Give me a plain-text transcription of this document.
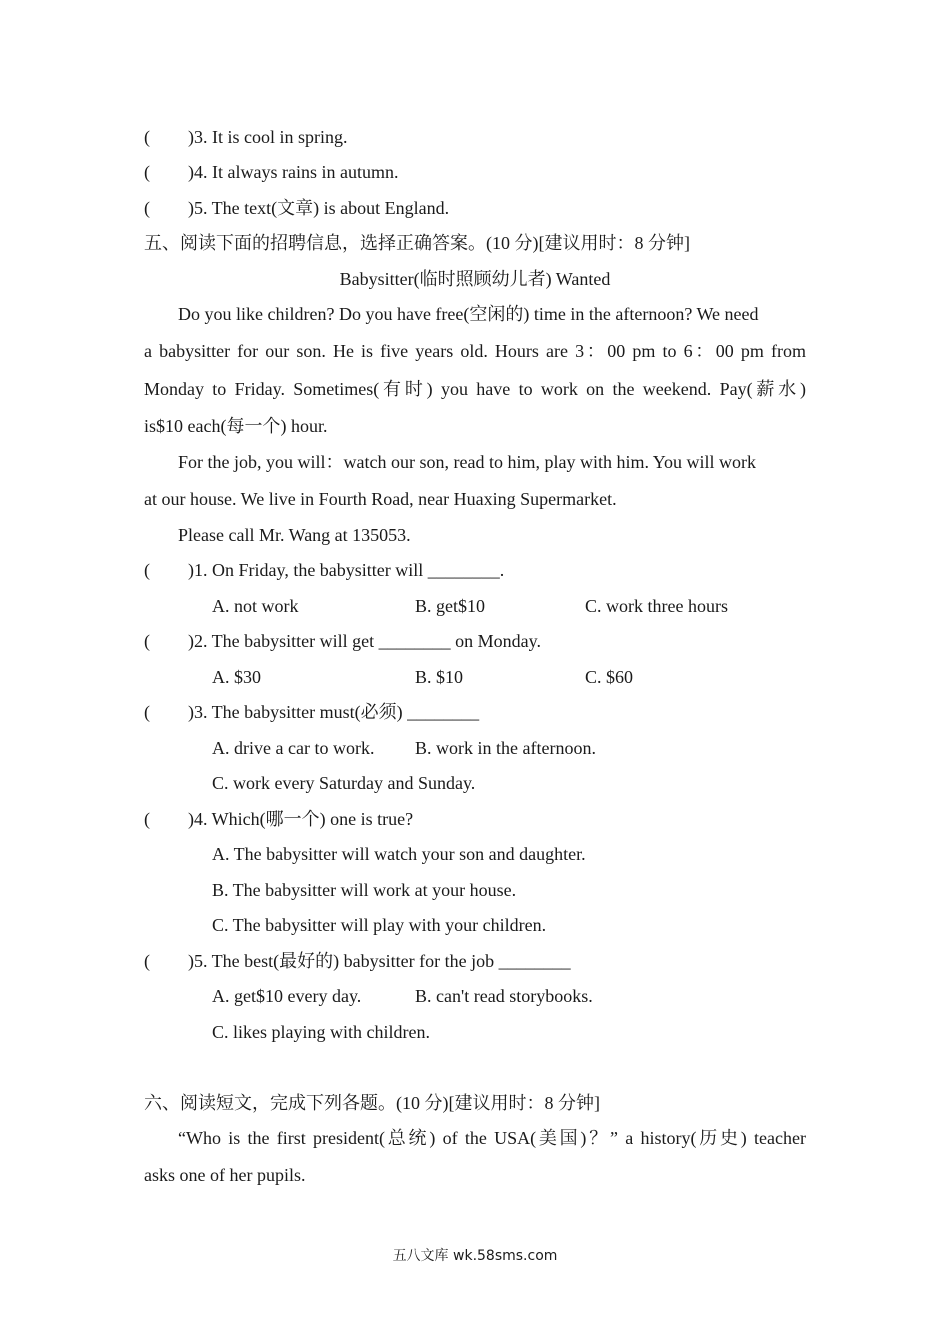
( )3. It is cool in spring.
( )4. It always rains in autumn.
( )5. The text(文章) is about England.
五、阅读下面的招聘信息，选择正确答案。(10 分)[建议用时：8 分钟]
Babysitter(临时照顾幼儿者) Wanted
Do you like children? Do you have free(空闲的) time in the afternoon? We need
a babysitter for our son. He is five years old. Hours are 3：00 pm to 6：00 pm from
Monday to Friday. Sometimes(有时) you have to work on the weekend. Pay(薪水)
is$10 each(每一个) hour.
For the job, you will：watch our son, read to him, play with him. You will work
at our house. We live in Fourth Road, near Huaxing Supermarket.
Please call Mr. Wang at 135053.
( )1. On Friday, the babysitter will ________.
A. not work	B. get$10	C. work three hours
( )2. The babysitter will get ________ on Monday.
A. $30	B. $10	C. $60
( )3. The babysitter must(必须) ________
A. drive a car to work. B. work in the afternoon.
C. work every Saturday and Sunday.
( )4. Which(哪一个) one is true?
A. The babysitter will watch your son and daughter.
B. The babysitter will work at your house.
C. The babysitter will play with your children.
( )5. The best(最好的) babysitter for the job ________
A. get$10 every day.	B. can't read storybooks.
C. likes playing with children.
六、阅读短文，完成下列各题。(10 分)[建议用时：8 分钟]
“Who is the first president(总统) of the USA(美国)？” a history(历史) teacher
asks one of her pupils.
五八文库 wk.58sms.com
